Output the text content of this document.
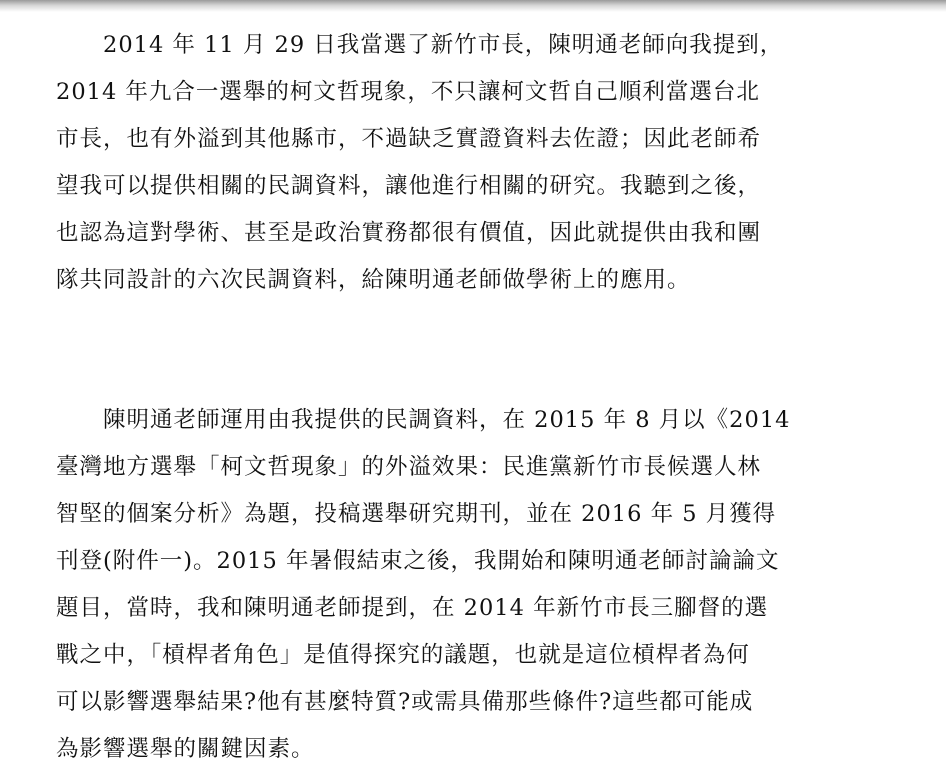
2014 年 11 月 29 日我當選了新竹市長，陳明通老師向我提到，
2014 年九合一選舉的柯文哲現象，不只讓柯文哲自己順利當選台北
市長，也有外溢到其他縣市，不過缺乏實證資料去佐證；因此老師希
望我可以提供相關的民調資料，讓他進行相關的研究。我聽到之後，
也認為這對學術、甚至是政治實務都很有價值，因此就提供由我和團
隊共同設計的六次民調資料，給陳明通老師做學術上的應用。
陳明通老師運用由我提供的民調資料，在 2015 年 8 月以《2014
臺灣地方選舉「柯文哲現象」的外溢效果：民進黨新竹市長候選人林
智堅的個案分析》為題，投稿選舉研究期刊，並在 2016 年 5 月獲得
刊登(附件一)。2015 年暑假結束之後，我開始和陳明通老師討論論文
題目，當時，我和陳明通老師提到，在 2014 年新竹市長三腳督的選
戰之中，「槓桿者角色」是值得探究的議題，也就是這位槓桿者為何
可以影響選舉結果?他有甚麼特質?或需具備那些條件?這些都可能成
為影響選舉的關鍵因素。
